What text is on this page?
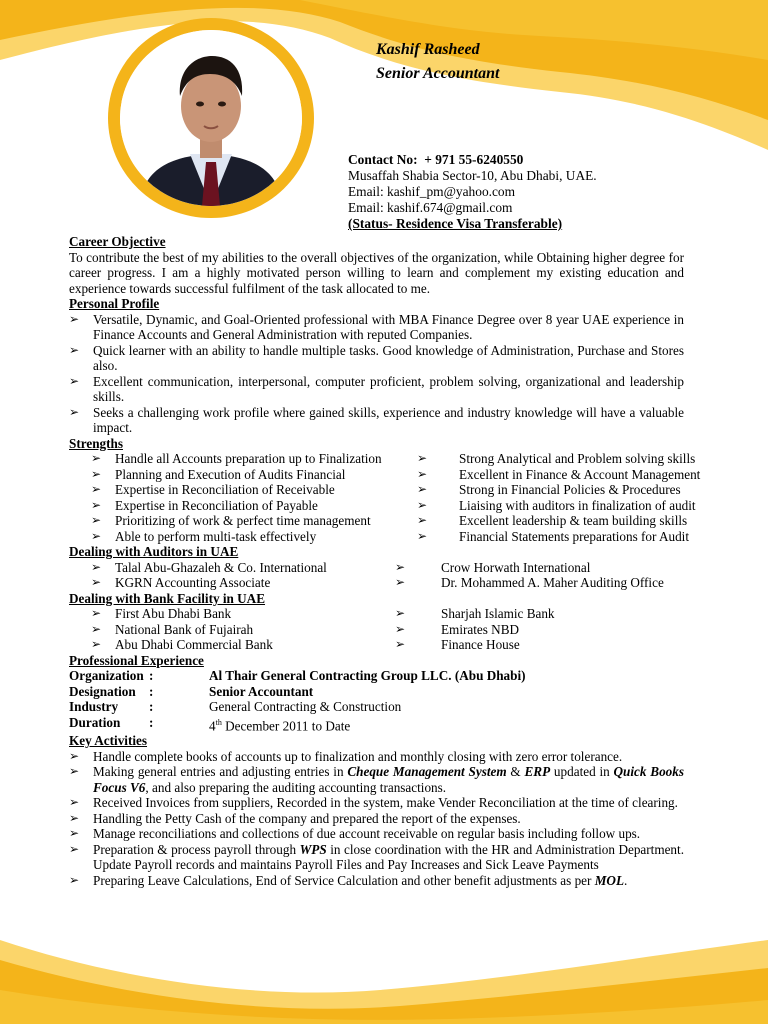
Kashif Rasheed
Senior Accountant
Contact No: + 971 55-6240550
Musaffah Shabia Sector-10, Abu Dhabi, UAE.
Email: kashif_pm@yahoo.com
Email: kashif.674@gmail.com
(Status- Residence Visa Transferable)
Career Objective
To contribute the best of my abilities to the overall objectives of the organization, while Obtaining higher degree for career progress. I am a highly motivated person willing to learn and complement my existing education and experience towards successful fulfilment of the task allocated to me.
Personal Profile
➢ Versatile, Dynamic, and Goal-Oriented professional with MBA Finance Degree over 8 year UAE experience in Finance Accounts and General Administration with reputed Companies.
➢ Quick learner with an ability to handle multiple tasks. Good knowledge of Administration, Purchase and Stores also.
➢ Excellent communication, interpersonal, computer proficient, problem solving, organizational and leadership skills.
➢ Seeks a challenging work profile where gained skills, experience and industry knowledge will have a valuable impact.
Strengths
➢ Handle all Accounts preparation up to Finalization	➢ Strong Analytical and Problem solving skills
➢ Planning and Execution of Audits Financial	➢ Excellent in Finance & Account Management
➢ Expertise in Reconciliation of Receivable	➢ Strong in Financial Policies & Procedures
➢ Expertise in Reconciliation of Payable	➢ Liaising with auditors in finalization of audit
➢ Prioritizing of work & perfect time management	➢ Excellent leadership & team building skills
➢ Able to perform multi-task effectively	➢ Financial Statements preparations for Audit
Dealing with Auditors in UAE
➢ Talal Abu-Ghazaleh & Co. International	➢ Crow Horwath International
➢ KGRN Accounting Associate	➢ Dr. Mohammed A. Maher Auditing Office
Dealing with Bank Facility in UAE
➢ First Abu Dhabi Bank	➢ Sharjah Islamic Bank
➢ National Bank of Fujairah	➢ Emirates NBD
➢ Abu Dhabi Commercial Bank	➢ Finance House
Professional Experience
Organization :	Al Thair General Contracting Group LLC. (Abu Dhabi)
Designation	:	Senior Accountant
Industry	:	General Contracting & Construction
Duration	:	4th December 2011 to Date
Key Activities
➢ Handle complete books of accounts up to finalization and monthly closing with zero error tolerance.
➢ Making general entries and adjusting entries in Cheque Management System & ERP updated in Quick Books Focus V6, and also preparing the auditing accounting transactions.
➢ Received Invoices from suppliers, Recorded in the system, make Vender Reconciliation at the time of clearing.
➢ Handling the Petty Cash of the company and prepared the report of the expenses.
➢ Manage reconciliations and collections of due account receivable on regular basis including follow ups.
➢ Preparation & process payroll through WPS in close coordination with the HR and Administration Department. Update Payroll records and maintains Payroll Files and Pay Increases and Sick Leave Payments
➢ Preparing Leave Calculations, End of Service Calculation and other benefit adjustments as per MOL.
